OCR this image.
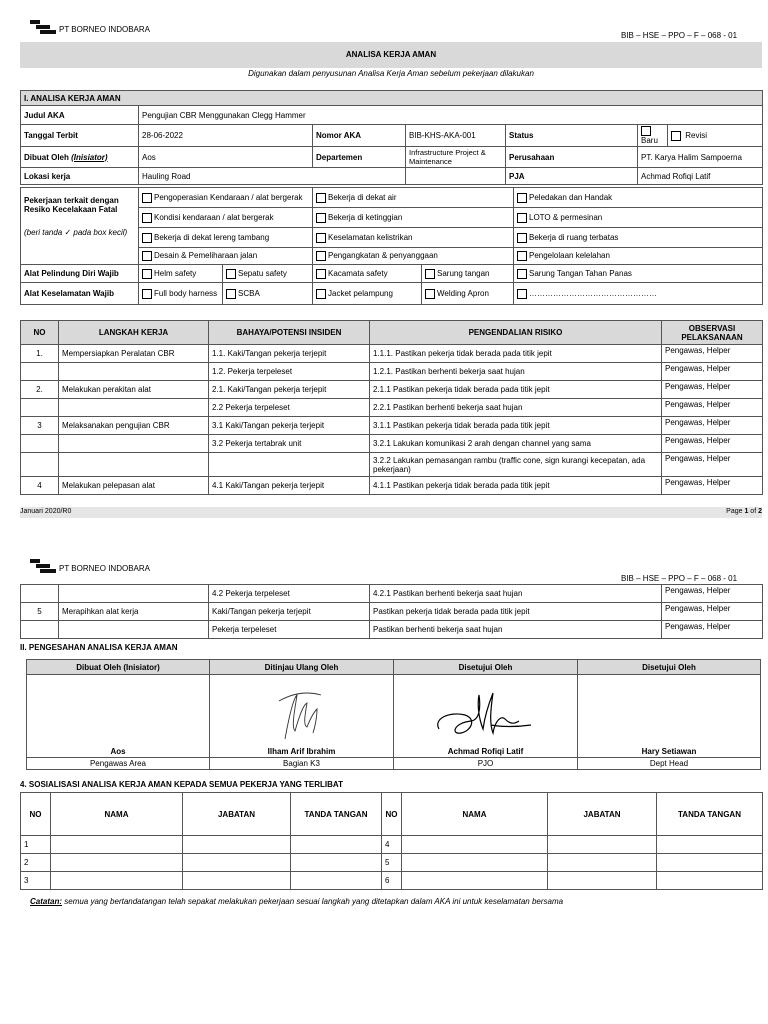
PT BORNEO INDOBARA
BIB – HSE – PPO – F – 068 - 01
ANALISA KERJA AMAN
Digunakan dalam penyusunan Analisa Kerja Aman sebelum pekerjaan dilakukan
I. ANALISA KERJA AMAN						
Judul AKA	Pengujian CBR Menggunakan Clegg Hammer					
Tanggal Terbit	28-06-2022	Nomor AKA	BIB-KHS-AKA-001	Status	Baru	Revisi
Dibuat Oleh (Inisiator)	Aos	Departemen	Infrastructure Project & Maintenance	Perusahaan	PT. Karya Halim Sampoerna	
Lokasi kerja	Hauling Road			PJA	Achmad Rofiqi Latif	
Pekerjaan terkait dengan Resiko Kecelakaan Fatal
(beri tanda ✓ pada box kecil)	Pengoperasian Kendaraan / alat bergerak	Bekerja di dekat air	Peledakan dan Handak
	Kondisi kendaraan / alat bergerak	Bekerja di ketinggian	LOTO & permesinan
	Bekerja di dekat lereng tambang	Keselamatan kelistrikan	Bekerja di ruang terbatas
	Desain & Pemeliharaan jalan	Pengangkatan & penyanggaan	Pengelolaan kelelahan
Alat Pelindung Diri Wajib	Helm safety	Sepatu safety	Kacamata safety	Sarung tangan	Sarung Tangan Tahan Panas
Alat Keselamatan Wajib	Full body harness	SCBA	Jacket pelampung	Welding Apron	…………………………………………
NO	LANGKAH KERJA	BAHAYA/POTENSI INSIDEN	PENGENDALIAN RISIKO	OBSERVASI PELAKSANAAN
1.	Mempersiapkan Peralatan CBR	1.1. Kaki/Tangan pekerja terjepit	1.1.1. Pastikan pekerja tidak berada pada titik jepit	Pengawas, Helper
		1.2. Pekerja terpeleset	1.2.1. Pastikan berhenti bekerja saat hujan	Pengawas, Helper
2.	Melakukan perakitan alat	2.1. Kaki/Tangan pekerja terjepit	2.1.1 Pastikan pekerja tidak berada pada titik jepit	Pengawas, Helper
		2.2 Pekerja terpeleset	2.2.1 Pastikan berhenti bekerja saat hujan	Pengawas, Helper
3	Melaksanakan pengujian CBR	3.1 Kaki/Tangan pekerja terjepit	3.1.1 Pastikan pekerja tidak berada pada titik jepit	Pengawas, Helper
		3.2 Pekerja tertabrak unit	3.2.1 Lakukan komunikasi 2 arah dengan channel yang sama	Pengawas, Helper
			3.2.2 Lakukan pemasangan rambu (traffic cone, sign kurangi kecepatan, ada pekerjaan)	Pengawas, Helper
4	Melakukan pelepasan alat	4.1 Kaki/Tangan pekerja terjepit	4.1.1 Pastikan pekerja tidak berada pada titik jepit	Pengawas, Helper
Januari 2020/R0	Page 1 of 2
PT BORNEO INDOBARA
BIB – HSE – PPO – F – 068 - 01
		4.2 Pekerja terpeleset	4.2.1 Pastikan berhenti bekerja saat hujan	Pengawas, Helper
5	Merapihkan alat kerja	Kaki/Tangan pekerja terjepit	Pastikan pekerja tidak berada pada titik jepit	Pengawas, Helper
		Pekerja terpeleset	Pastikan berhenti bekerja saat hujan	Pengawas, Helper
II. PENGESAHAN ANALISA KERJA AMAN
Dibuat Oleh (Inisiator)	Ditinjau Ulang Oleh	Disetujui Oleh	Disetujui Oleh
Aos	Ilham Arif Ibrahim	Achmad Rofiqi Latif	Hary Setiawan
Pengawas Area	Bagian K3	PJO	Dept Head
4. SOSIALISASI ANALISA KERJA AMAN KEPADA SEMUA PEKERJA YANG TERLIBAT
NO	NAMA	JABATAN	TANDA TANGAN	NO	NAMA	JABATAN	TANDA TANGAN
1				4			
2				5			
3				6			
Catatan: semua yang bertandatangan telah sepakat melakukan pekerjaan sesuai langkah yang ditetapkan dalam AKA ini untuk keselamatan bersama
